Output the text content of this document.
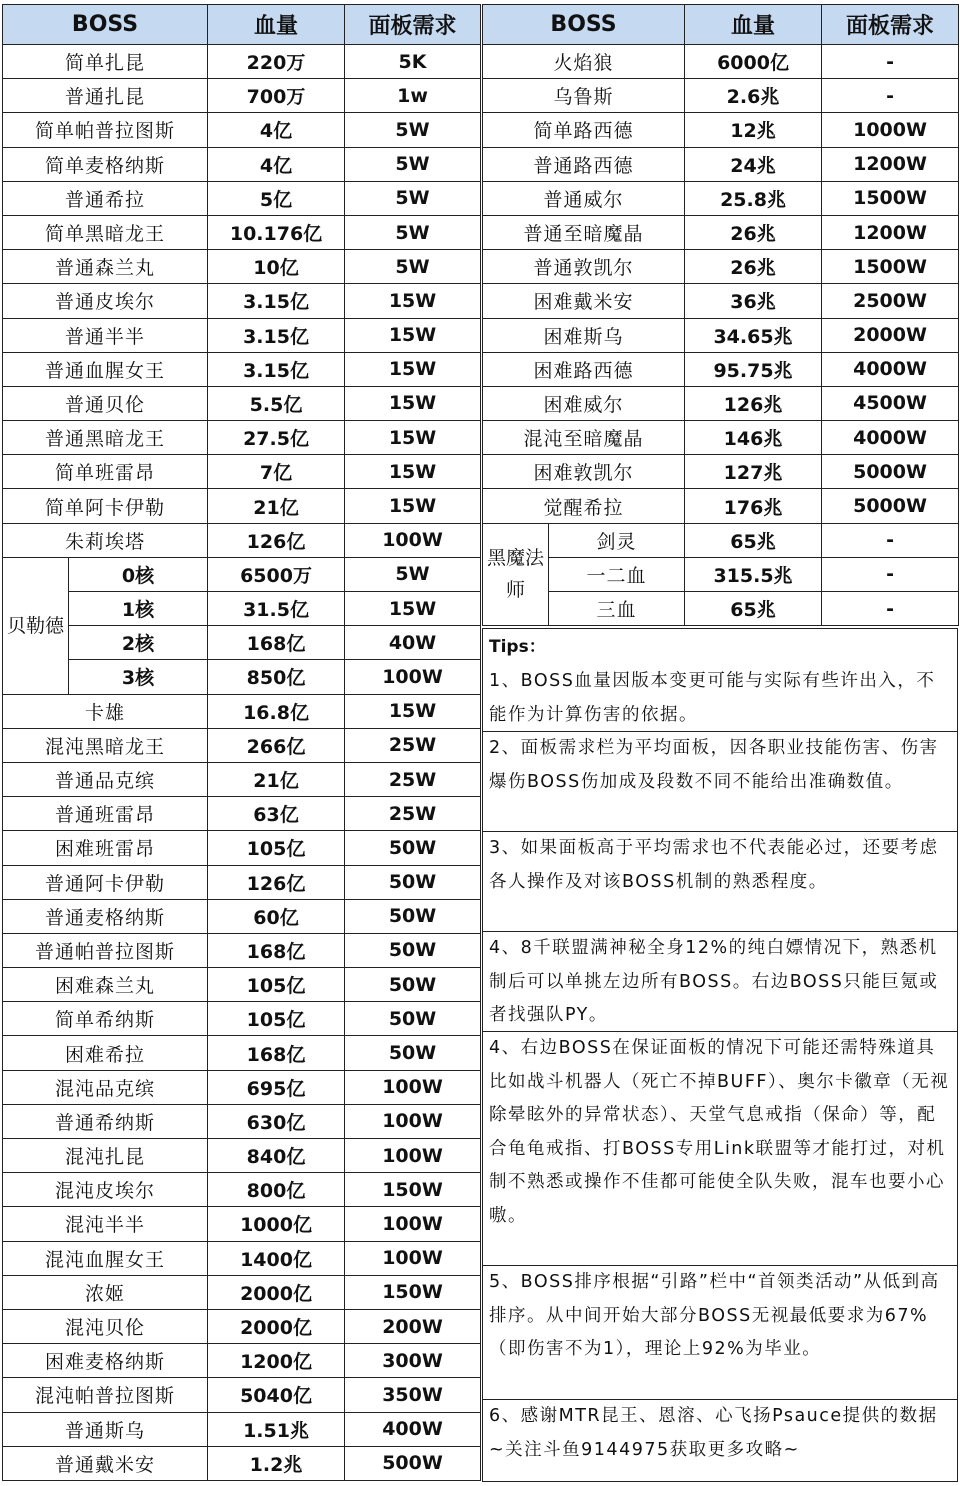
BOSS		血量	面板需求
简单扎昆		220万	5K
普通扎昆		700万	1w
简单帕普拉图斯		4亿	5W
简单麦格纳斯		4亿	5W
普通希拉		5亿	5W
简单黑暗龙王		10.176亿	5W
普通森兰丸		10亿	5W
普通皮埃尔		3.15亿	15W
普通半半		3.15亿	15W
普通血腥女王		3.15亿	15W
普通贝伦		5.5亿	15W
普通黑暗龙王		27.5亿	15W
简单班雷昂		7亿	15W
简单阿卡伊勒		21亿	15W
朱莉埃塔		126亿	100W
贝勒德	0核	6500万	5W
	1核	31.5亿	15W
	2核	168亿	40W
	3核	850亿	100W
卡雄		16.8亿	15W
混沌黑暗龙王		266亿	25W
普通品克缤		21亿	25W
普通班雷昂		63亿	25W
困难班雷昂		105亿	50W
普通阿卡伊勒		126亿	50W
普通麦格纳斯		60亿	50W
普通帕普拉图斯		168亿	50W
困难森兰丸		105亿	50W
简单希纳斯		105亿	50W
困难希拉		168亿	50W
混沌品克缤		695亿	100W
普通希纳斯		630亿	100W
混沌扎昆		840亿	100W
混沌皮埃尔		800亿	150W
混沌半半		1000亿	100W
混沌血腥女王		1400亿	100W
浓姬		2000亿	150W
混沌贝伦		2000亿	200W
困难麦格纳斯		1200亿	300W
混沌帕普拉图斯		5040亿	350W
普通斯乌		1.51兆	400W
普通戴米安		1.2兆	500W
BOSS		血量	面板需求
火焰狼		6000亿	-
乌鲁斯		2.6兆	-
简单路西德		12兆	1000W
普通路西德		24兆	1200W
普通威尔		25.8兆	1500W
普通至暗魔晶		26兆	1200W
普通敦凯尔		26兆	1500W
困难戴米安		36兆	2500W
困难斯乌		34.65兆	2000W
困难路西德		95.75兆	4000W
困难威尔		126兆	4500W
混沌至暗魔晶		146兆	4000W
困难敦凯尔		127兆	5000W
觉醒希拉		176兆	5000W
黑魔法师	剑灵	65兆	-
	一二血	315.5兆	-
	三血	65兆	-
Tips：
1、BOSS血量因版本变更可能与实际有些许出入，不能作为计算伤害的依据。
2、面板需求栏为平均面板，因各职业技能伤害、伤害爆伤BOSS伤加成及段数不同不能给出准确数值。
3、如果面板高于平均需求也不代表能必过，还要考虑各人操作及对该BOSS机制的熟悉程度。
4、8千联盟满神秘全身12%的纯白嫖情况下，熟悉机制后可以单挑左边所有BOSS。右边BOSS只能巨氪或者找强队PY。
4、右边BOSS在保证面板的情况下可能还需特殊道具比如战斗机器人（死亡不掉BUFF）、奥尔卡徽章（无视除晕眩外的异常状态）、天堂气息戒指（保命）等，配合龟龟戒指、打BOSS专用Link联盟等才能打过，对机制不熟悉或操作不佳都可能使全队失败，混车也要小心嗷。
5、BOSS排序根据“引路”栏中“首领类活动”从低到高排序。从中间开始大部分BOSS无视最低要求为67%（即伤害不为1），理论上92%为毕业。
6、感谢MTR昆王、恩溶、心飞扬Psauce提供的数据~关注斗鱼9144975获取更多攻略~
